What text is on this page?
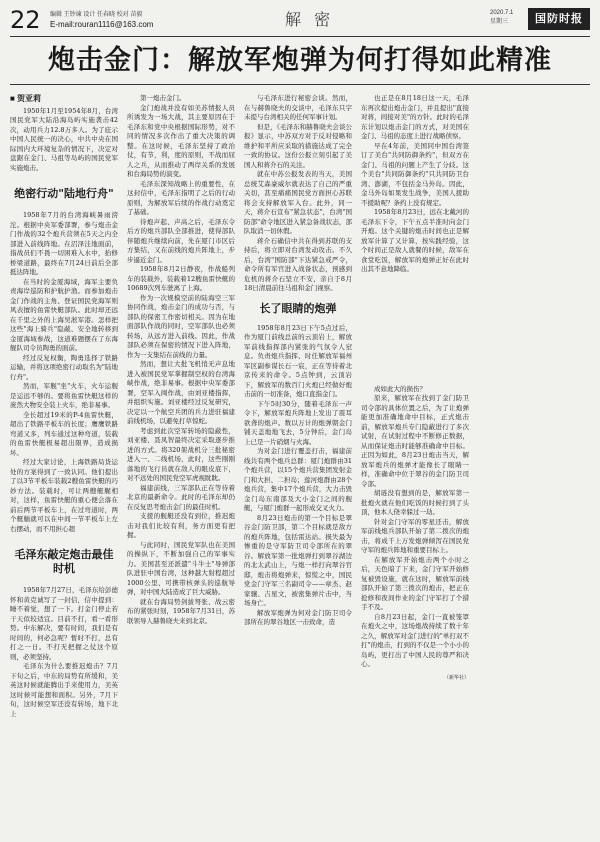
22 编辑 王钞谏 设计 任春晓 校对 苗毅
E-mail:rouran1116@163.com	解 密	2020.7.1
星期三	国防时报
炮击金门：解放军炮弹为何打得如此精准
■ 贺亚莉

1950年1月至1954年8月，台湾国民党军大陆沿海岛屿实施袭击42次，动用兵力12.8万多人。为了庇示中国人民统一的决心，中共中央在国际国内大环境复杂的情况下，决定对盘踞在金门、马祖等岛屿的国民党军实施炮击。

绝密行动"陆地行舟"

1958年7月的台湾海峡暑雨滂沱。根据中央军委部署，参与炮击金门作战的32个炮兵营须在5天之内全部进入前线阵地。在沼泽洼地面前，指战员们不畏一切困难入水中，抬修桥梁道路，最终在7月24日前后全部抵达阵地。

在当时的金厦海域，海军主要负责海岸巡防和护航护渔。而参加炮击金门作战的主角、登证国民党海军则风表擅的鱼雷快艇部队。此时却还远在千里之外的上海吴淞军港。怎样把这些"海上骑兵"隐蔽、安全地转移到金厦海域参战，这道难题摆在了东海舰队司令员陶勇的面前。

经过反复权衡，陶勇选择了铁路运输，并将这项绝密行动取名为"陆地行舟"。

然而，军舰"坐"火车，火车运舰是运远不够的。要将鱼雷快艇这样的庞然大物安全装上火车，绝非易事。

全长超过19米的P-4鱼雷快艇，超出了铁路平板车的长度；鹰鹰铁路弯道又多，列车通过这种弯道，装载的鱼雷快艇极易超出限界，造成损坏。

经过大家讨论，上海铁路局货运处的方案得到了一致认同。他们提出了以3节平板车装载2艘鱼雷快艇的巧妙方法。装载时，可让两艘艇艉相对，这样，鱼雷快艇的重心便会落在前后两节平板车上，在过弯道时，两个艇艏就可以在中间一节平板车上左右摆动，而不用担心超

毛泽东敲定炮击最佳时机

1958年7月27日，毛泽东给彭德怀和黄克诚写了一封信，信中提到：睡不着觉，想了一下。打金门停止若干天似较适宜。目前不打，看一看形势。中东解决，要有时间，我们是有时间的，何必急呢？暂时不打，总有打之一日。不打无把握之仗这个原则，必须坚持。

毛泽东为什么要推迟炮击？7月下旬之后，中东的局势有所缓和，美英这时候就能腾出手来使用力，美英这时候可能想和面积。另外，7月下旬，这时候空军还没有转场，地下北上

第一炮击金门。

金门炮战并没有如美苏情报人员所诱发为一场大战，其主要原因在于毛泽东和党中央根据国际形势，对不同的情况多次作出了重大决策的调整。在这时候，毛泽东坚持了政治仗，有节，利，度的原则，不战而屈人之兵，从而推动了两岸关系的发展和台海局势的演变。

毛泽东深知战略上的重要性，在这封信中，毛泽东指明了之后的行动原则，为解放军后续的作战行动奠定了基础。

待炮声起、声高之后，毛泽东令后方的炮兵部队全部推进，使得部队伴随炮兵继续向前，先在厦门市区后方集结，又在前线的炮兵阵地上，步步逼近金门。

1958年8月2日静夜，作战船列车的装载外，装载着12艘鱼雷快艇的10689次列车驶离了上海。

作为一次规模空前的陆海空三军协同作战，炮击金门的成功与否，与部队的保密工作密切相关。因为在地面部队作战的同时，空军部队也必须转场，从远方进入前线。因此，作战部队必须在保密的情况下进入阵地，作为一支集结在前线的力量。

然而，想让大批飞机悄无声息地进入被国民党军掌握制空权的台湾海峡作战，绝非易事。根据中央军委部署，空军入闽作战，由刘亚楼指挥，并组织实施。刘亚楼经过反复研究，决定以一个航空兵团的兵力进驻福建前线机场，以避免打草惊蛇。

考虑到此次空军转场的隐蔽性，刘亚楼、聂凤智最终决定采取逐步推进的方式。将320架战机分三批秘密进入一、二线机场，此时，这些刚刚落地的飞行员就在敌人的眼皮底下，对不远处的国民党空军虎视眈眈。

福建前线，三军部队正在等待着北京的最新命令。此时的毛泽东却仍在反复思考炮击金门的最佳时机。

支援的舰艇还没有到位，推迟炮击对我们比较有利，务方面更有把握。

与此同时，国民党军队也在美国的操纵下，不断加强自己的军事实力。美国甚至还派遣"斗牛士"导弹部队进驻中国台湾，这种越大射程超过1000公里、可携带核弹头的巡航导弹，对中国大陆造成了巨大威胁。

就在台海局势剑拔弩张、战云密布的紧张时刻，1958年7月31日，苏联领导人赫鲁晓夫来到北京。

与毛泽东进行秘密会谈。然而，在与赫鲁晓夫的交谈中，毛泽东只字未提与台湾相关的任何军事计划。

但是，《毛泽东和赫鲁晓夫会谈公报》显示，中苏双方对于反对侵略和维护和平所应采取的措施达成了完全一致的协议。这份公报立刻引起了美国人和蒋介石的关注。

就在中苏公报发表的当天，美国总统艾森豪威尔就表达了自己的严重关切，甚至痛痛国民党方面担心苏联将会支持解放军入台。此外，同一天，蒋介石宣布"紧急状态"，台湾"国防部"命令地区进入紧急备战状态，部队取消一切休假。

蒋介石确信中共在得到苏联的支持后，将立即对台湾发动攻击。不久后，台湾"国防部"下达紧急戒严令，命令所有军官进入战备状态，预感到危机的蒋介石坚立不安，亲自于8月18日清晨前往马祖和金门视察。

长了眼睛的炮弹

1958年8月23日下午5点过后，作为厦门前线总前的云顶岩上，解放军前线指挥部内紧张的气氛令人窒息。负责炮兵指挥、时任解放军福州军区副参谋长石一宸，正在等待着北京传来的命令。5点钟到，云顶岩下，解放军的数百门火炮已经做好炮击前的一切准备，炮口直指金门。

下午5时30分，随着毛泽东一声令下，解放军炮兵阵地上发出了震耳欲聋的炮声。数以万计的炮弹朝金门铺天盖地地飞去，5分钟后，金门岛上已是一片硝烟与火海。

为对金门进行覆盖打击，福建前线共有两个炮兵总群：厦门炮群由31个炮兵营，以15个炮兵营集团发射金门和大担、二担岛；莲河炮群由28个炮兵营，集中17个炮兵营，大力击毁金门岛东南部及大小金门之间的舰艇，与厦门炮群一起形成交叉火力。

8月23日炮击的第一个目标是翠谷金门防卫部，第二个目标就是敌方的炮兵阵地，包括雷达站。损失最为惨重的是守军防卫司令部所在的翠谷。解放军第一批炮弹打到翠谷湖边的北太武山上，与炮一样打向翠谷官邸，炮击将炮弹来，惊慌之中，国民党金门守军三名副司令——章杰、赵家骧、吉星文，被密集弹片击中，当场身亡。

解放军炮弹为何对金门防卫司令部所在的翠谷地区一击致命，造

也正是在8月18日这一天，毛泽东再次提出炮击金门，并且提出"直接对蒋，间接对美"的方针。此时的毛泽东计划以炮击金门的方式，对美国在金门、马祖的态度上进行战略侦察。

早在4年前，美国同中国台湾签订了美台"共同防御条约"，但双方在金门、马祖的问题上产生了分歧。这个美台"共同防御条约"只共同防卫台湾、澎湖，不包括金马外岛。因此，金马外岛如果发生战争，美国人援助不援助呢？条约上没有规定。

1958年8月23日，远在北戴河的毛泽东下令，下午五点半准时向金门开炮。这个关键的炮击时间也正是解放军计算了又计算，按实践经验，这个时间正是敌人就餐的时候，敌军在食堂吃饭，解放军的炮弹正好在此时出其不意地降临。

成如此大的损伤？

原来，解放军在找到了金门防卫司令部的具体位置之后，为了让炮弹能更加准确地命中目标，正式炮击前，解放军炮兵专门隐蔽进行了多次试射，在试射过程中不断修正数据，从而保证炮击时能够准确命中目标。正因为如此，8月23日炮击当天，解放军炮兵的炮弹才能像长了眼睛一样，准确命中位于翠谷的金门防卫司令部。

胡琏没有想到的是，解放军第一批炮火就在他们吃饭的时候打到了头顶，他本人侥幸躲过一劫。

针对金门守军的零星还击，解放军前线炮兵部队开始了第二拨次的炮击，将成千上万发炮弹倾泻在国民党守军的炮兵阵地和重要目标上。

在解放军开始炮击两个小时之后，天色暗了下来，金门守军开始修复被毁设施，就在这时，解放军前线部队开始了第三拨次的炮击，把正在抢修和夜间作业的金门守军打了个措手不及。

自8月23日起，金门一直被笼罩在炮火之中，这场炮战持续了数十年之久，解放军对金门进行的"单打双不打"的炮击，打到的不仅是一个小小的岛屿，更打出了中国人民的尊严和决心。

（新华社）
